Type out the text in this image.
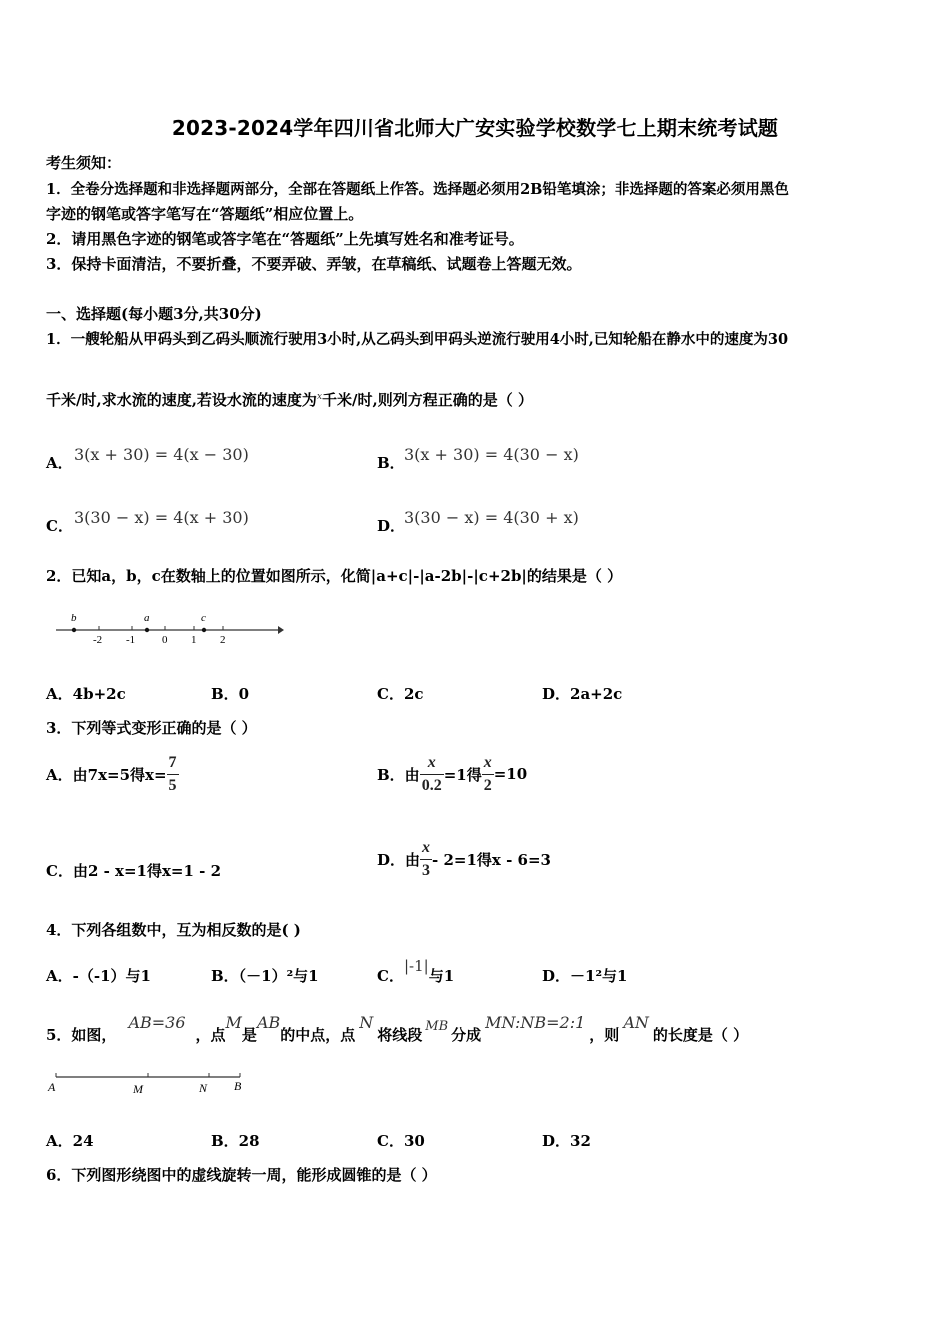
2023-2024学年四川省北师大广安实验学校数学七上期末统考试题
考生须知：
1．全卷分选择题和非选择题两部分，全部在答题纸上作答。选择题必须用2B铅笔填涂；非选择题的答案必须用黑色
字迹的钢笔或答字笔写在“答题纸”相应位置上。
2．请用黑色字迹的钢笔或答字笔在“答题纸”上先填写姓名和准考证号。
3．保持卡面清洁，不要折叠，不要弄破、弄皱，在草稿纸、试题卷上答题无效。
一、选择题(每小题3分,共30分)
1．一艘轮船从甲码头到乙码头顺流行驶用3小时,从乙码头到甲码头逆流行驶用4小时,已知轮船在静水中的速度为30
千米/时,求水流的速度,若设水流的速度为$^x$千米/时,则列方程正确的是（ ）
A． 3(x + 30) = 4(x − 30)	B． 3(x + 30) = 4(30 − x)
C． 3(30 − x) = 4(x + 30)	D．
3(30 − x) = 4(30 + x)
2．已知a，b，c在数轴上的位置如图所示，化简|a+c|-|a-2b|-|c+2b|的结果是（ ）
-2 -1 0 1 2
b	a	c
A．4b+2c	B．0	C．2c	D．2a+2c
3．下列等式变形正确的是（ ）
A．由7x=5得$x= \frac{7}{5}$	B．由 $\frac{x}{0.2} =1$得 $\frac{x}{2} =10$
C．由2 - x=1得x=1 - 2
D．由 $\frac{x}{3} - 2=1$得x - 6=3
4．下列各组数中，互为相反数的是( )
A．-（-1）与1	B．（－1）²与1	C．|-1|与1	D．－1²与1
5．如图，AB=36，点M是AB的中点，点N将线段 MB 分成MN:NB=2:1，则AN的长度是（ ）
A	M	N B
A．24	B．28	C．30	D．32
6．下列图形绕图中的虚线旋转一周，能形成圆锥的是（ ）
